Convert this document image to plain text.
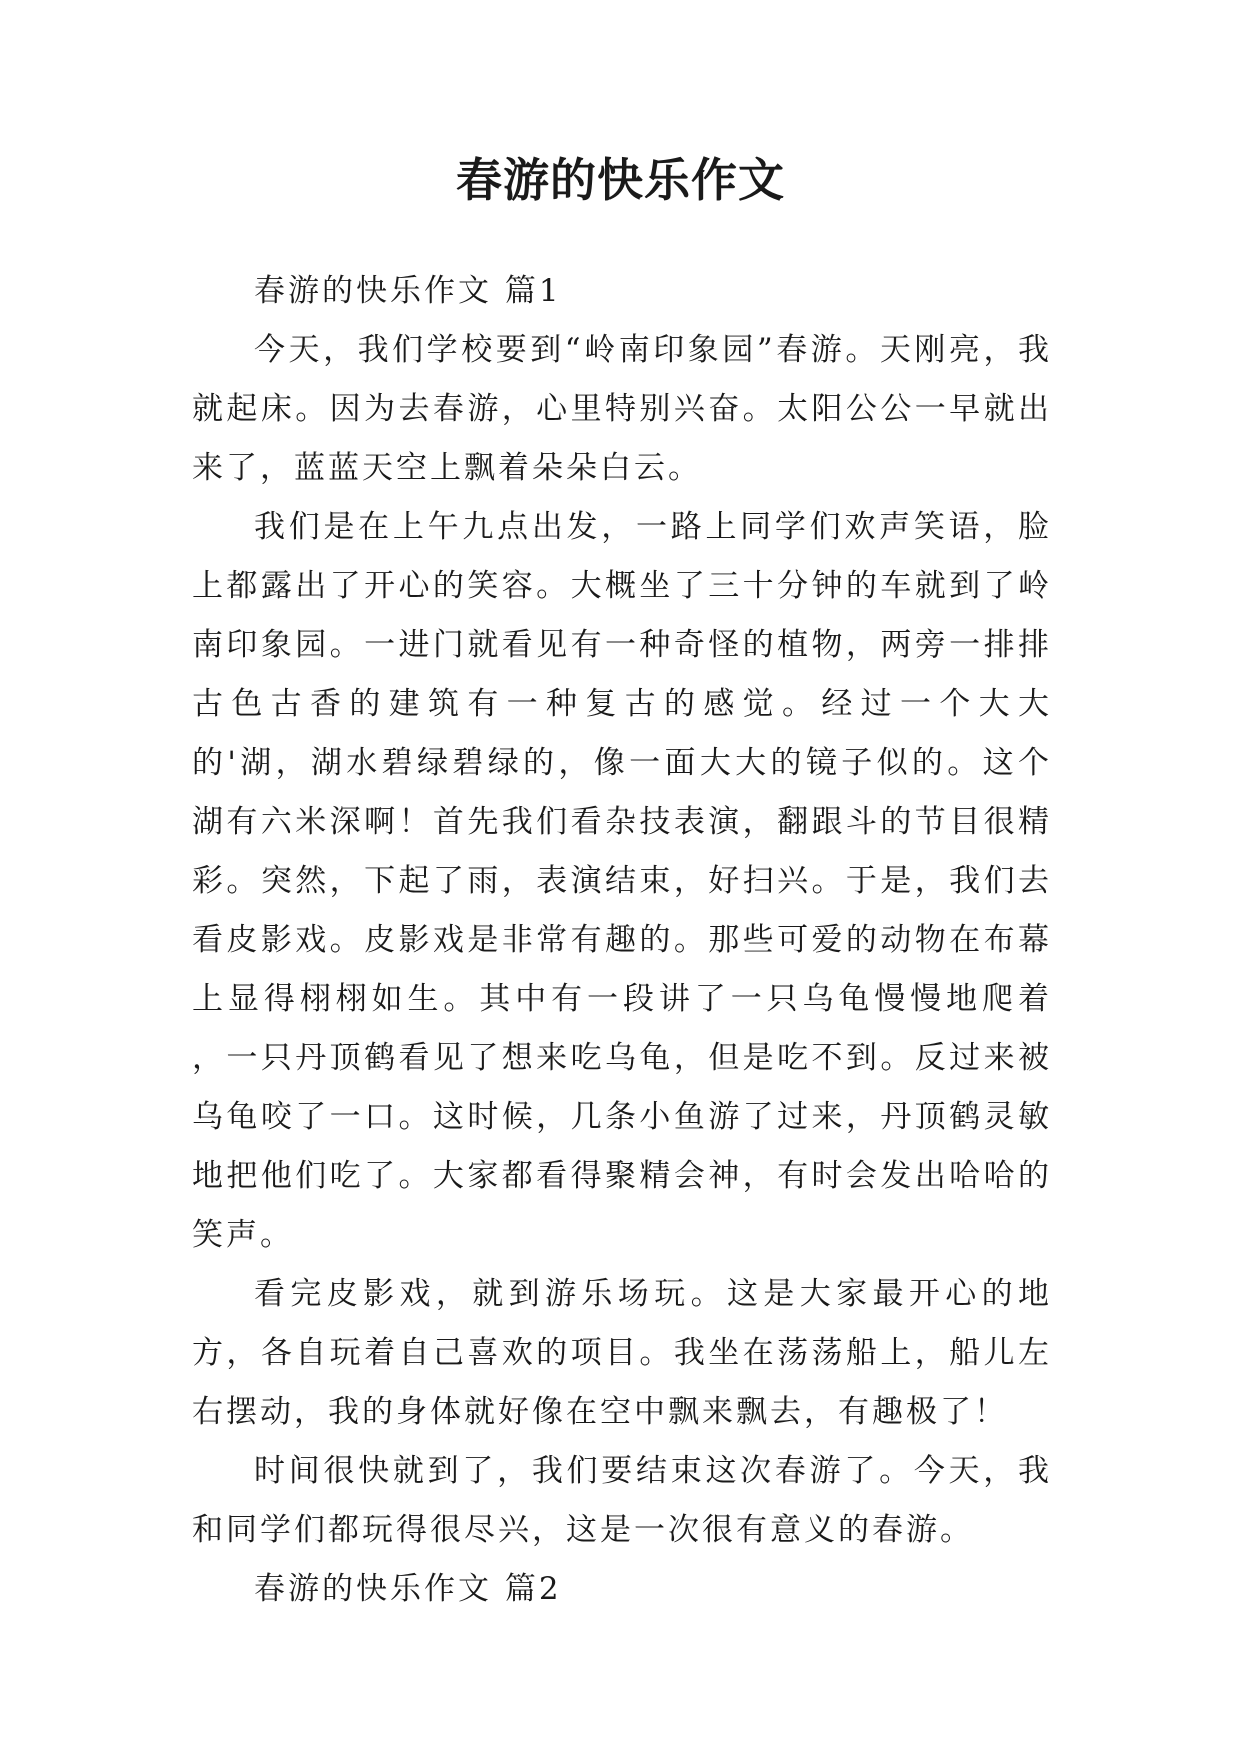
春游的快乐作文

春游的快乐作文 篇1

今天，我们学校要到“岭南印象园”春游。天刚亮，我就起床。因为去春游，心里特别兴奋。太阳公公一早就出来了，蓝蓝天空上飘着朵朵白云。

我们是在上午九点出发，一路上同学们欢声笑语，脸上都露出了开心的笑容。大概坐了三十分钟的车就到了岭南印象园。一进门就看见有一种奇怪的植物，两旁一排排古色古香的建筑有一种复古的感觉。经过一个大大的'湖，湖水碧绿碧绿的，像一面大大的镜子似的。这个湖有六米深啊！首先我们看杂技表演，翻跟斗的节目很精彩。突然，下起了雨，表演结束，好扫兴。于是，我们去看皮影戏。皮影戏是非常有趣的。那些可爱的动物在布幕上显得栩栩如生。其中有一段讲了一只乌龟慢慢地爬着 ，一只丹顶鹤看见了想来吃乌龟，但是吃不到。反过来被乌龟咬了一口。这时候，几条小鱼游了过来，丹顶鹤灵敏地把他们吃了。大家都看得聚精会神，有时会发出哈哈的笑声。

看完皮影戏，就到游乐场玩。这是大家最开心的地方，各自玩着自己喜欢的项目。我坐在荡荡船上，船儿左右摆动，我的身体就好像在空中飘来飘去，有趣极了！

时间很快就到了，我们要结束这次春游了。今天，我和同学们都玩得很尽兴，这是一次很有意义的春游。

春游的快乐作文 篇2
